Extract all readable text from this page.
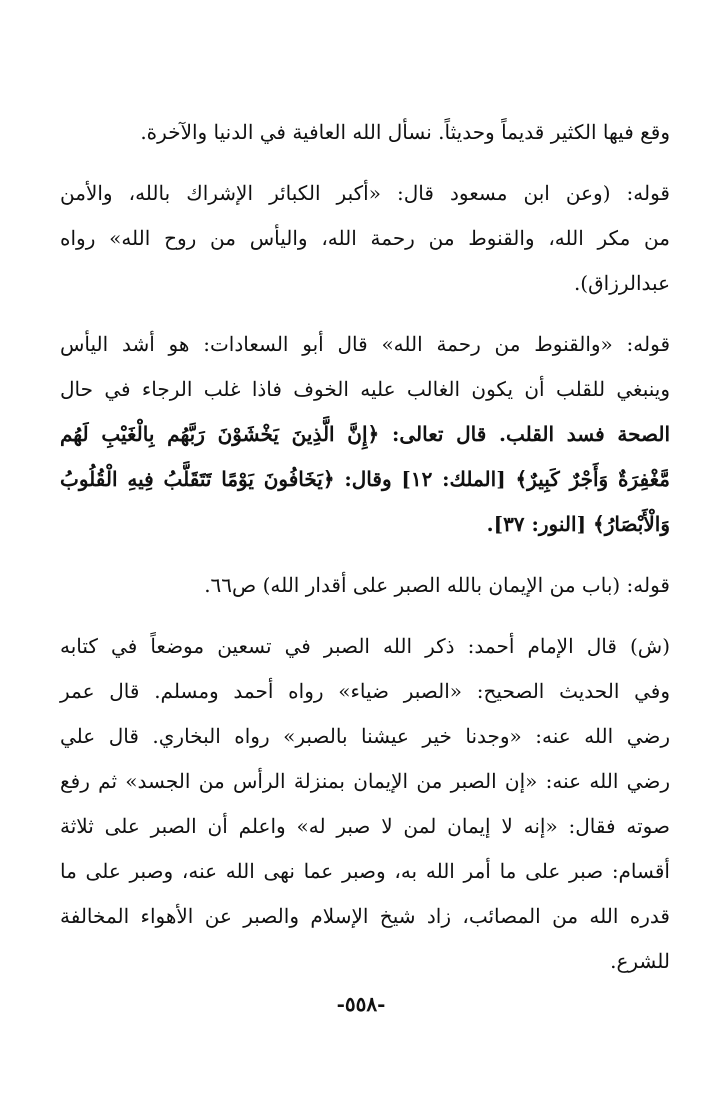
وقع فيها الكثير قديماً وحديثاً. نسأل الله العافية في الدنيا والآخرة.

قوله: (وعن ابن مسعود قال: «أكبر الكبائر الإشراك بالله، والأمن
من مكر الله، والقنوط من رحمة الله، واليأس من روح الله» رواه
عبدالرزاق).

قوله: «والقنوط من رحمة الله» قال أبو السعادات: هو أشد اليأس
وينبغي للقلب أن يكون الغالب عليه الخوف فاذا غلب الرجاء في حال
الصحة فسد القلب. قال تعالى: ﴿إِنَّ الَّذِينَ يَخْشَوْنَ رَبَّهُم بِالْغَيْبِ لَهُم
مَّغْفِرَةٌ وَأَجْرٌ كَبِيرٌ﴾ [الملك: ١٢] وقال: ﴿يَخَافُونَ يَوْمًا تَتَقَلَّبُ فِيهِ الْقُلُوبُ
وَالْأَبْصَارُ﴾ [النور: ٣٧].

قوله: (باب من الإيمان بالله الصبر على أقدار الله) ص٦٦.

(ش) قال الإمام أحمد: ذكر الله الصبر في تسعين موضعاً في كتابه
وفي الحديث الصحيح: «الصبر ضياء» رواه أحمد ومسلم. قال عمر
رضي الله عنه: «وجدنا خير عيشنا بالصبر» رواه البخاري. قال علي
رضي الله عنه: «إن الصبر من الإيمان بمنزلة الرأس من الجسد» ثم رفع
صوته فقال: «إنه لا إيمان لمن لا صبر له» واعلم أن الصبر على ثلاثة
أقسام: صبر على ما أمر الله به، وصبر عما نهى الله عنه، وصبر على ما
قدره الله من المصائب، زاد شيخ الإسلام والصبر عن الأهواء المخالفة
للشرع.

-٥٥٨-
